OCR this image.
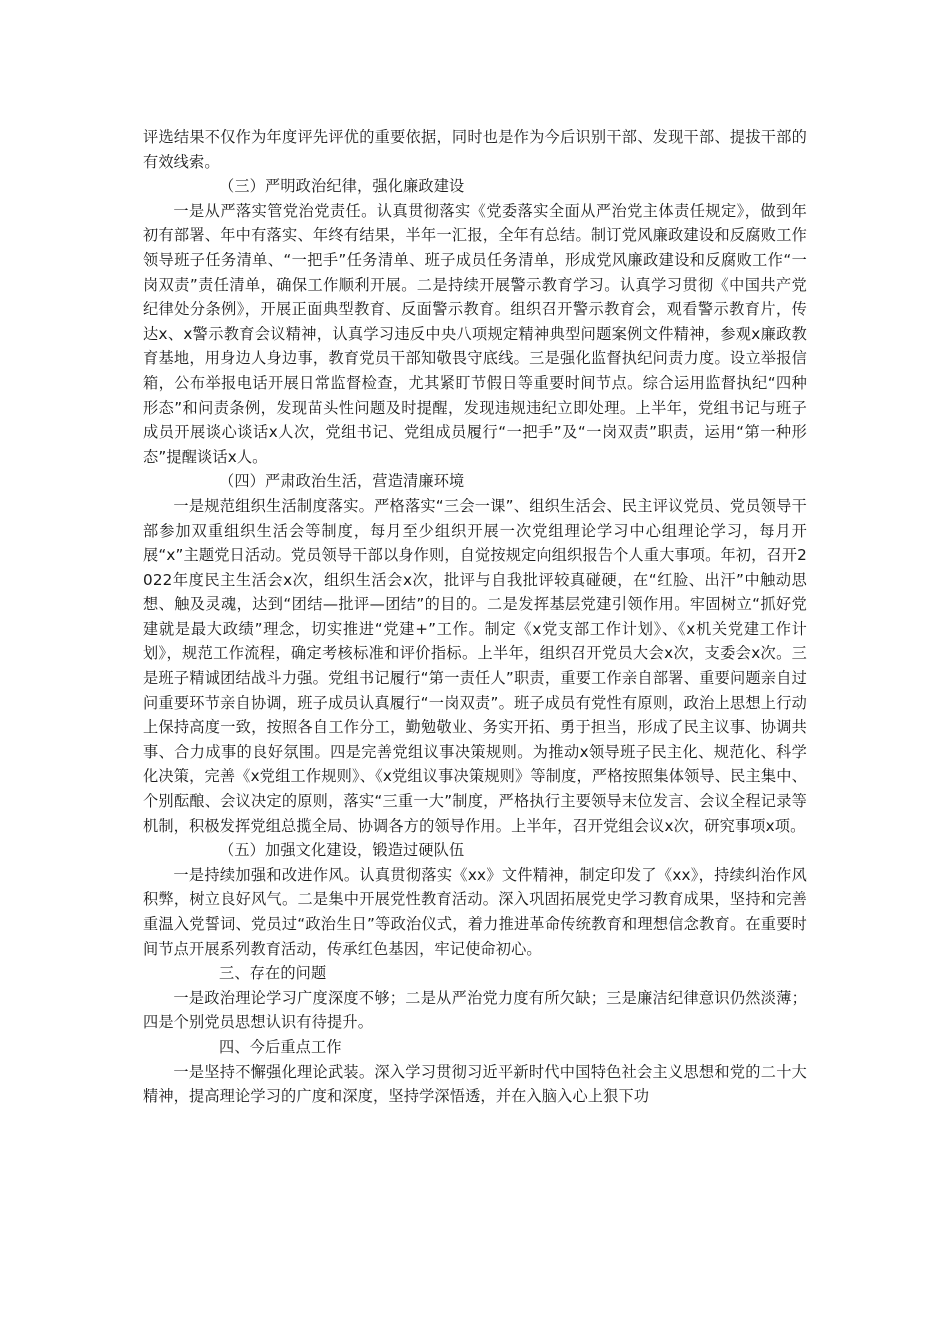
评选结果不仅作为年度评先评优的重要依据，同时也是作为今后识别干部、发现干部、提拔干部的有效线索。

（三）严明政治纪律，强化廉政建设

一是从严落实管党治党责任。认真贯彻落实《党委落实全面从严治党主体责任规定》，做到年初有部署、年中有落实、年终有结果，半年一汇报，全年有总结。制订党风廉政建设和反腐败工作领导班子任务清单、“一把手”任务清单、班子成员任务清单，形成党风廉政建设和反腐败工作“一岗双责”责任清单，确保工作顺利开展。二是持续开展警示教育学习。认真学习贯彻《中国共产党纪律处分条例》，开展正面典型教育、反面警示教育。组织召开警示教育会，观看警示教育片，传达x、x警示教育会议精神，认真学习违反中央八项规定精神典型问题案例文件精神，参观x廉政教育基地，用身边人身边事，教育党员干部知敬畏守底线。三是强化监督执纪问责力度。设立举报信箱，公布举报电话开展日常监督检查，尤其紧盯节假日等重要时间节点。综合运用监督执纪“四种形态”和问责条例，发现苗头性问题及时提醒，发现违规违纪立即处理。上半年，党组书记与班子成员开展谈心谈话x人次，党组书记、党组成员履行“一把手”及“一岗双责”职责，运用“第一种形态”提醒谈话x人。

（四）严肃政治生活，营造清廉环境

一是规范组织生活制度落实。严格落实“三会一课”、组织生活会、民主评议党员、党员领导干部参加双重组织生活会等制度，每月至少组织开展一次党组理论学习中心组理论学习，每月开展“x”主题党日活动。党员领导干部以身作则，自觉按规定向组织报告个人重大事项。年初，召开2022年度民主生活会x次，组织生活会x次，批评与自我批评较真碰硬，在“红脸、出汗”中触动思想、触及灵魂，达到“团结—批评—团结”的目的。二是发挥基层党建引领作用。牢固树立“抓好党建就是最大政绩”理念，切实推进“党建+”工作。制定《x党支部工作计划》、《x机关党建工作计划》，规范工作流程，确定考核标准和评价指标。上半年，组织召开党员大会x次，支委会x次。三是班子精诚团结战斗力强。党组书记履行“第一责任人”职责，重要工作亲自部署、重要问题亲自过问重要环节亲自协调，班子成员认真履行“一岗双责”。班子成员有党性有原则，政治上思想上行动上保持高度一致，按照各自工作分工，勤勉敬业、务实开拓、勇于担当，形成了民主议事、协调共事、合力成事的良好氛围。四是完善党组议事决策规则。为推动x领导班子民主化、规范化、科学化决策，完善《x党组工作规则》、《x党组议事决策规则》等制度，严格按照集体领导、民主集中、个别酝酿、会议决定的原则，落实“三重一大”制度，严格执行主要领导末位发言、会议全程记录等机制，积极发挥党组总揽全局、协调各方的领导作用。上半年，召开党组会议x次，研究事项x项。

（五）加强文化建设，锻造过硬队伍

一是持续加强和改进作风。认真贯彻落实《xx》文件精神，制定印发了《xx》，持续纠治作风积弊，树立良好风气。二是集中开展党性教育活动。深入巩固拓展党史学习教育成果，坚持和完善重温入党誓词、党员过“政治生日”等政治仪式，着力推进革命传统教育和理想信念教育。在重要时间节点开展系列教育活动，传承红色基因，牢记使命初心。

三、存在的问题

一是政治理论学习广度深度不够；二是从严治党力度有所欠缺；三是廉洁纪律意识仍然淡薄；四是个别党员思想认识有待提升。

四、今后重点工作

一是坚持不懈强化理论武装。深入学习贯彻习近平新时代中国特色社会主义思想和党的二十大精神，提高理论学习的广度和深度，坚持学深悟透，并在入脑入心上狠下功
